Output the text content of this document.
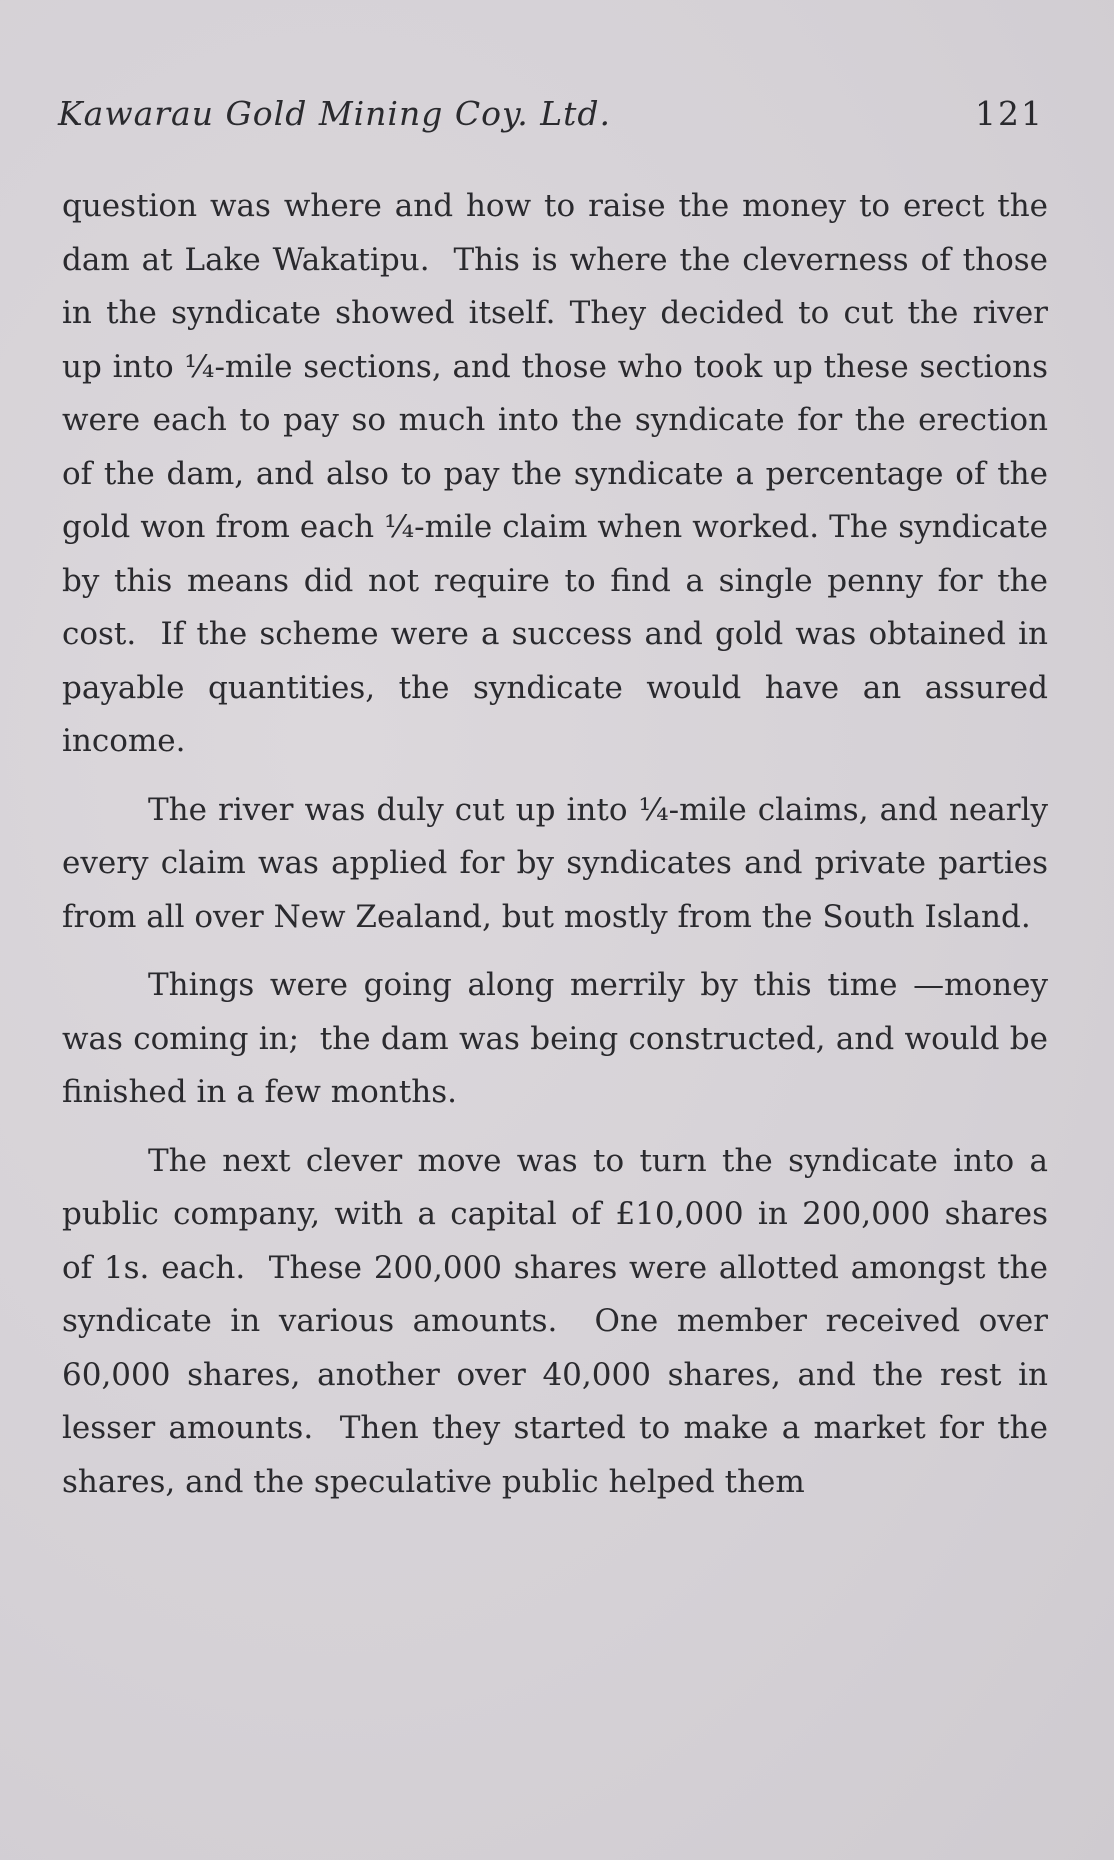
Kawarau Gold Mining Coy. Ltd.	121

question was where and how to raise the money to erect the dam at Lake Wakatipu.  This is where the cleverness of those in the syndicate showed itself. They decided to cut the river up into ¼-mile sections, and those who took up these sections were each to pay so much into the syndicate for the erection of the dam, and also to pay the syndicate a percentage of the gold won from each ¼-mile claim when worked. The syndicate by this means did not require to find a single penny for the cost.  If the scheme were a success and gold was obtained in payable quantities, the syndicate would have an assured income.

The river was duly cut up into ¼-mile claims, and nearly every claim was applied for by syndicates and private parties from all over New Zealand, but mostly from the South Island.

Things were going along merrily by this time —money was coming in;  the dam was being constructed, and would be finished in a few months.

The next clever move was to turn the syndicate into a public company, with a capital of £10,000 in 200,000 shares of 1s. each.  These 200,000 shares were allotted amongst the syndicate in various amounts.  One member received over 60,000 shares, another over 40,000 shares, and the rest in lesser amounts.  Then they started to make a market for the shares, and the speculative public helped them
